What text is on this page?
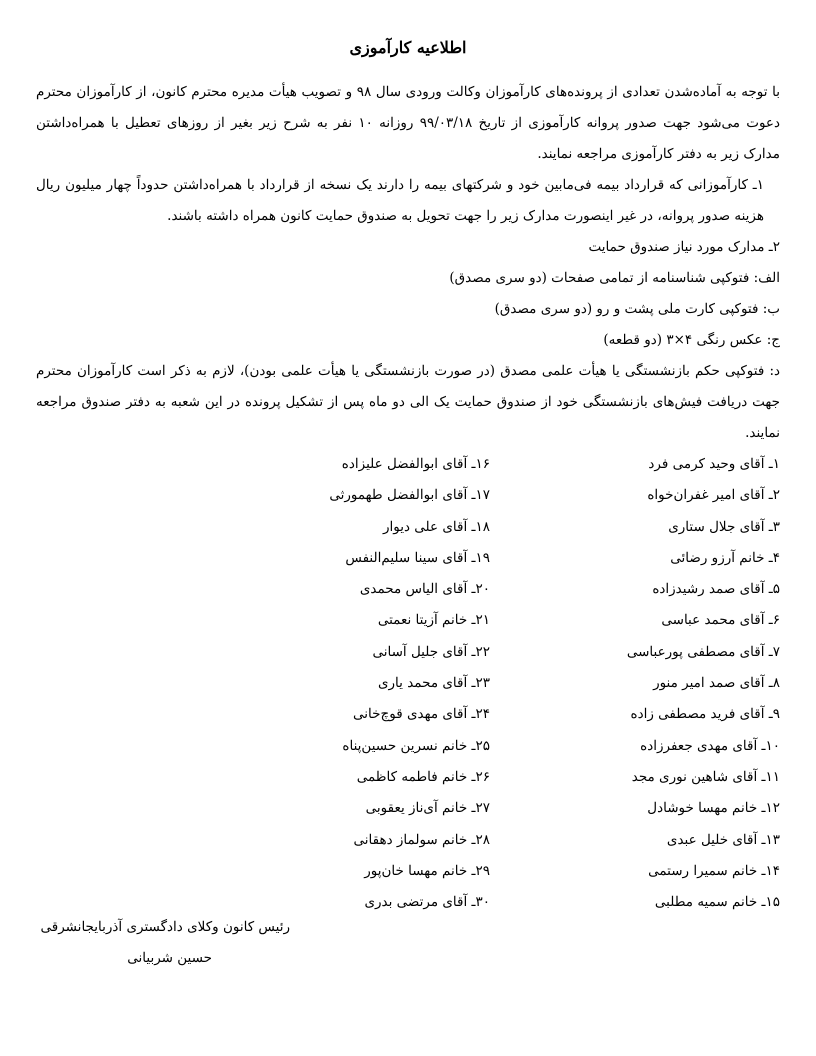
اطلاعیه کارآموزی

با توجه به آماده‌شدن تعدادی از پرونده‌های کارآموزان وکالت ورودی سال ۹۸ و تصویب هیأت مدیره محترم کانون، از کارآموزان محترم دعوت می‌شود جهت صدور پروانه کارآموزی از تاریخ ۹۹/۰۳/۱۸ روزانه ۱۰ نفر به شرح زیر بغیر از روزهای تعطیل با همراه‌داشتن مدارک زیر به دفتر کارآموزی مراجعه نمایند.

۱ـ کارآموزانی که قرارداد بیمه فی‌مابین خود و شرکتهای بیمه را دارند یک نسخه از قرارداد با همراه‌داشتن حدوداً چهار میلیون ریال هزینه صدور پروانه، در غیر اینصورت مدارک زیر را جهت تحویل به صندوق حمایت کانون همراه داشته باشند.

۲ـ مدارک مورد نیاز صندوق حمایت

الف: فتوکپی شناسنامه از تمامی صفحات (دو سری مصدق)

ب: فتوکپی کارت ملی پشت و رو (دو سری مصدق)

ج: عکس رنگی ۴×۳ (دو قطعه)

د: فتوکپی حکم بازنشستگی یا هیأت علمی مصدق (در صورت بازنشستگی یا هیأت علمی بودن)، لازم به ذکر است کارآموزان محترم جهت دریافت فیش‌های بازنشستگی خود از صندوق حمایت یک الی دو ماه پس از تشکیل پرونده در این شعبه به دفتر صندوق مراجعه نمایند.

۱ـ آقای وحید کرمی فرد
۲ـ آقای امیر غفران‌خواه
۳ـ آقای جلال ستاری
۴ـ خانم آرزو رضائی
۵ـ آقای صمد رشیدزاده
۶ـ آقای محمد عباسی
۷ـ آقای مصطفی پورعباسی
۸ـ آقای صمد امیر منور
۹ـ آقای فرید مصطفی زاده
۱۰ـ آقای مهدی جعفرزاده
۱۱ـ آقای شاهین نوری مجد
۱۲ـ خانم مهسا خوشادل
۱۳ـ آقای خلیل عبدی
۱۴ـ خانم سمیرا رستمی
۱۵ـ خانم سمیه مطلبی
۱۶ـ آقای ابوالفضل علیزاده
۱۷ـ آقای ابوالفضل طهمورثی
۱۸ـ آقای علی دیوار
۱۹ـ آقای سینا سلیم‌النفس
۲۰ـ آقای الیاس محمدی
۲۱ـ خانم آزیتا نعمتی
۲۲ـ آقای جلیل آسانی
۲۳ـ آقای محمد یاری
۲۴ـ آقای مهدی قوچ‌خانی
۲۵ـ خانم نسرین حسین‌پناه
۲۶ـ خانم فاطمه کاظمی
۲۷ـ خانم آی‌ناز یعقوبی
۲۸ـ خانم سولماز دهقانی
۲۹ـ خانم مهسا خان‌پور
۳۰ـ آقای مرتضی بدری
رئیس کانون وکلای دادگستری آذربایجانشرقی
حسین شربیانی
